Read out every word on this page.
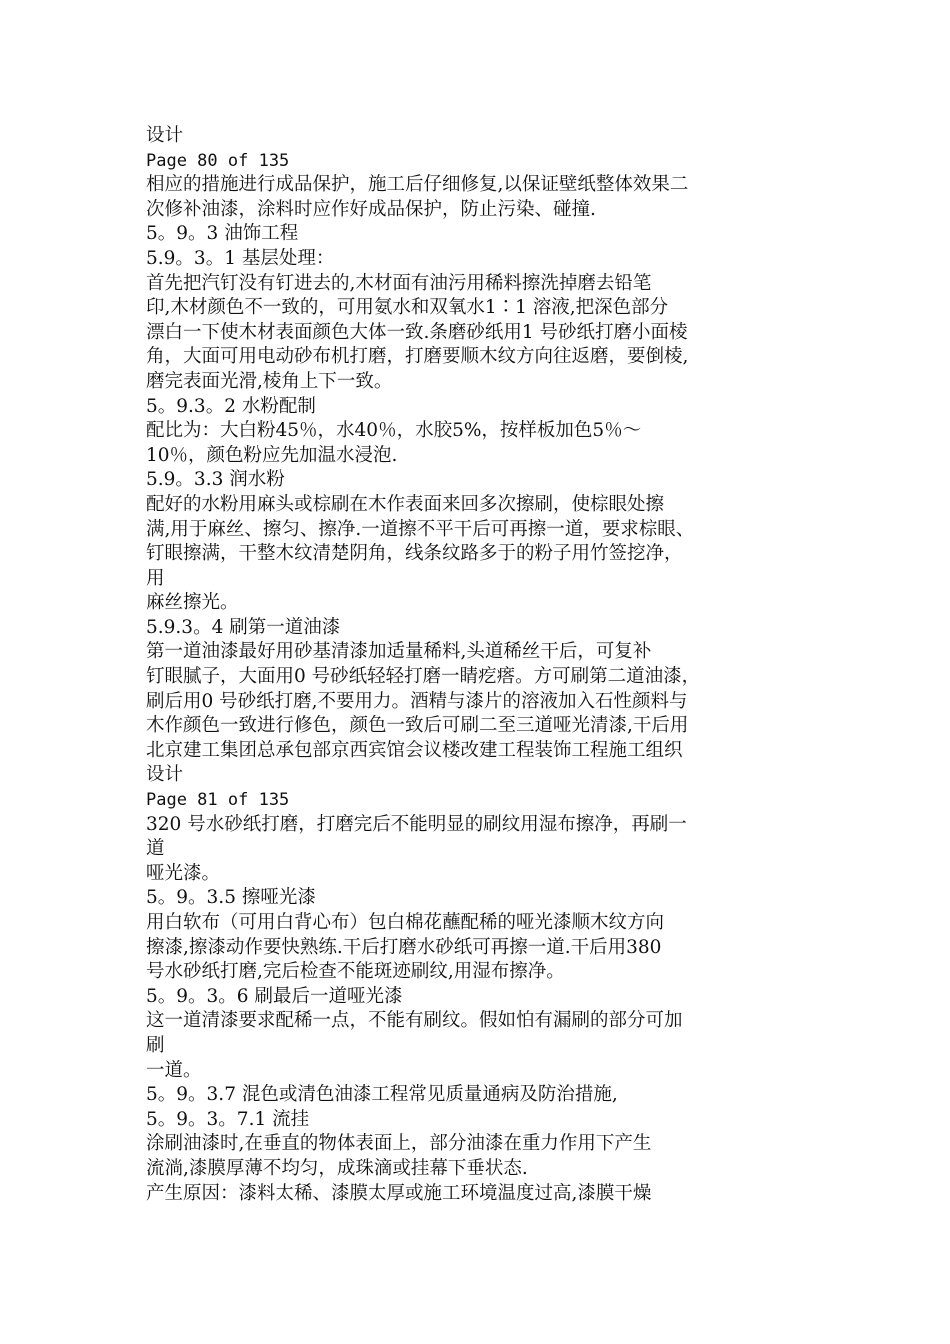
设计
Page 80 of 135
相应的措施进行成品保护，施工后仔细修复,以保证壁纸整体效果二
次修补油漆，涂料时应作好成品保护，防止污染、碰撞.
5。9。3 油饰工程
5.9。3。1 基层处理：
首先把汽钉没有钉进去的,木材面有油污用稀料擦洗掉磨去铅笔
印,木材颜色不一致的，可用氨水和双氧水1∶1 溶液,把深色部分
漂白一下使木材表面颜色大体一致.条磨砂纸用1 号砂纸打磨小面棱
角，大面可用电动砂布机打磨，打磨要顺木纹方向往返磨，要倒棱,
磨完表面光滑,棱角上下一致。
5。9.3。2 水粉配制
配比为：大白粉45％，水40％，水胶5%，按样板加色5％～
10％，颜色粉应先加温水浸泡.
5.9。3.3 润水粉
配好的水粉用麻头或棕刷在木作表面来回多次擦刷，使棕眼处擦
满,用于麻丝、擦匀、擦净.一道擦不平干后可再擦一道，要求棕眼、
钉眼擦满，干整木纹清楚阴角，线条纹路多于的粉子用竹签挖净，
用
麻丝擦光。
5.9.3。4 刷第一道油漆
第一道油漆最好用砂基清漆加适量稀料,头道稀丝干后，可复补
钉眼腻子，大面用0 号砂纸轻轻打磨一睛疙瘩。方可刷第二道油漆，
刷后用0 号砂纸打磨,不要用力。酒精与漆片的溶液加入石性颜料与
木作颜色一致进行修色，颜色一致后可刷二至三道哑光清漆,干后用
北京建工集团总承包部京西宾馆会议楼改建工程装饰工程施工组织
设计
Page 81 of 135
320 号水砂纸打磨，打磨完后不能明显的刷纹用湿布擦净，再刷一
道
哑光漆。
5。9。3.5 擦哑光漆
用白软布（可用白背心布）包白棉花蘸配稀的哑光漆顺木纹方向
擦漆,擦漆动作要快熟练.干后打磨水砂纸可再擦一道.干后用380
号水砂纸打磨,完后检查不能斑迹刷纹,用湿布擦净。
5。9。3。6 刷最后一道哑光漆
这一道清漆要求配稀一点，不能有刷纹。假如怕有漏刷的部分可加
刷
一道。
5。9。3.7 混色或清色油漆工程常见质量通病及防治措施,
5。9。3。7.1 流挂
涂刷油漆时,在垂直的物体表面上，部分油漆在重力作用下产生
流淌,漆膜厚薄不均匀，成珠滴或挂幕下垂状态.
产生原因：漆料太稀、漆膜太厚或施工环境温度过高,漆膜干燥
